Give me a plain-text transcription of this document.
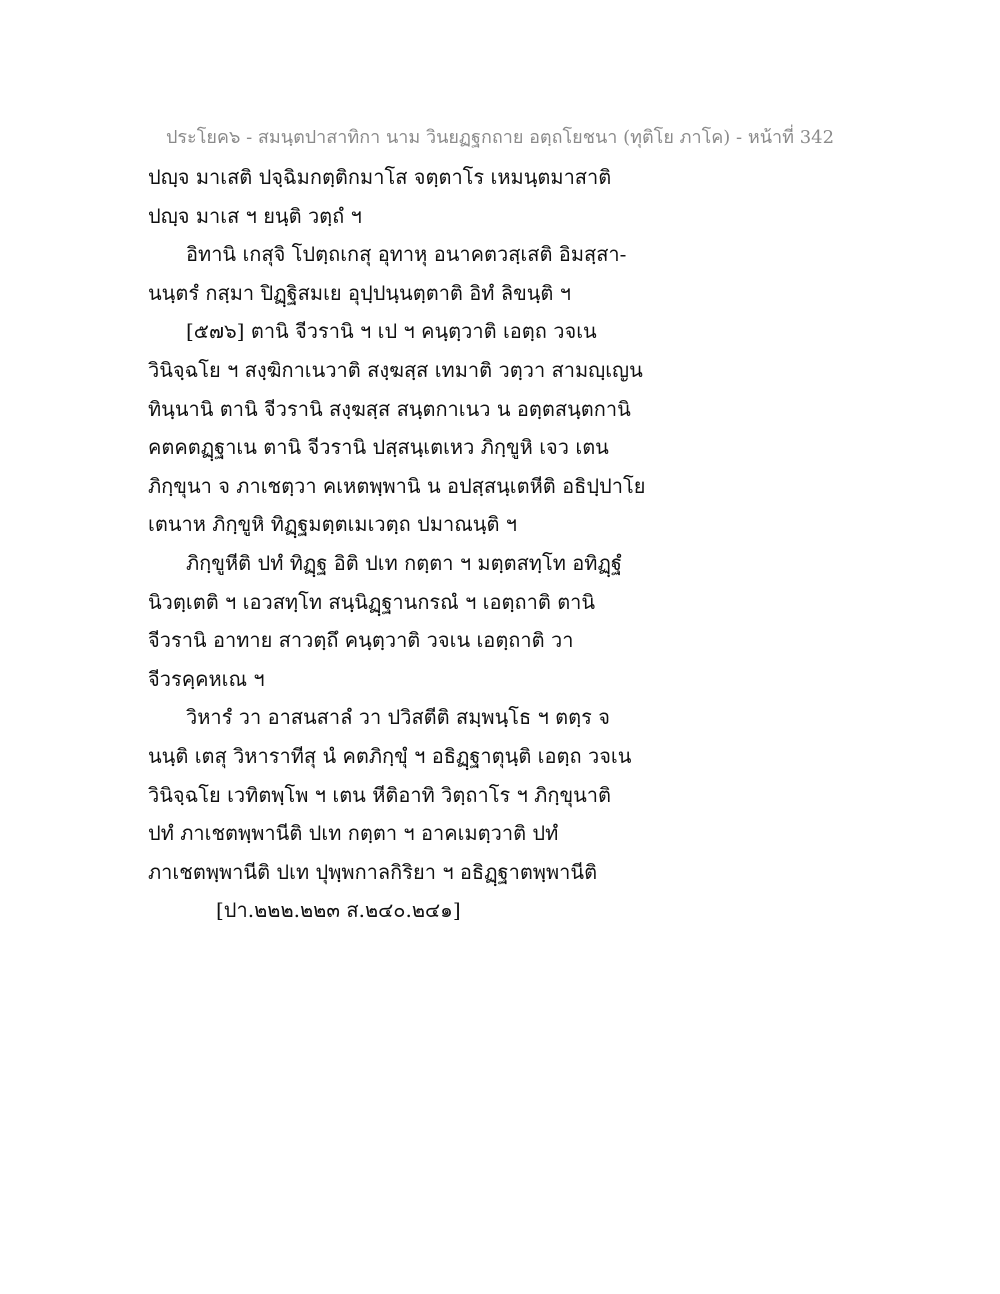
ประโยค๖ - สมนฺตปาสาทิกา นาม วินยฏฐกถาย อตฺถโยชนา (ทุติโย ภาโค) - หน้าที่ 342
ปญฺจ มาเสติ ปจฺฉิมกตฺติกมาโส จตฺตาโร เหมนฺตมาสาติ
ปญฺจ มาเส ฯ ยนฺติ วตฺถํ ฯ
อิทานิ เกสุจิ โปตฺถเกสุ อุทาหุ อนาคตวสฺเสติ อิมสฺสา-
นนฺตรํ กสฺมา ปิฏฺฐิสมเย อุปฺปนฺนตฺตาติ อิทํ ลิขนฺติ ฯ
[๕๗๖] ตานิ จีวรานิ ฯ เป ฯ คนฺตฺวาติ เอตฺถ วจเน
วินิจฺฉโย ฯ สงฺฆิกาเนวาติ สงฺฆสฺส เทมาติ วตฺวา สามญฺเญน
ทินฺนานิ ตานิ จีวรานิ สงฺฆสฺส สนฺตกาเนว น อตฺตสนฺตกานิ
คตคตฏฺฐาเน ตานิ จีวรานิ ปสฺสนฺเตเหว ภิกฺขูหิ เจว เตน
ภิกฺขุนา จ ภาเชตฺวา คเหตพฺพานิ น อปสฺสนฺเตหีติ อธิปฺปาโย
เตนาห ภิกฺขูหิ ทิฏฺฐมตฺตเมเวตฺถ ปมาณนฺติ ฯ
ภิกฺขูหีติ ปทํ ทิฏฺฐ อิติ ปเท กตฺตา ฯ มตฺตสทฺโท อทิฏฺฐํ
นิวตฺเตติ ฯ เอวสทฺโท สนฺนิฏฺฐานกรณํ ฯ เอตฺถาติ ตานิ
จีวรานิ อาทาย สาวตฺถึ คนฺตฺวาติ วจเน เอตฺถาติ วา
จีวรคฺคหเณ ฯ
วิหารํ วา อาสนสาลํ วา ปวิสตีติ สมฺพนฺโธ ฯ ตตฺร จ
นนฺติ เตสุ วิหาราทีสุ นํ คตภิกฺขุํ ฯ อธิฏฺฐาตุนฺติ เอตฺถ วจเน
วินิจฺฉโย เวทิตพฺโพ ฯ เตน หีติอาทิ วิตฺถาโร ฯ ภิกฺขุนาติ
ปทํ ภาเชตพฺพานีติ ปเท กตฺตา ฯ อาคเมตฺวาติ ปทํ
ภาเชตพฺพานีติ ปเท ปุพฺพกาลกิริยา ฯ อธิฏฺฐาตพฺพานีติ
[ปา.๒๒๒.๒๒๓ ส.๒๔๐.๒๔๑]
